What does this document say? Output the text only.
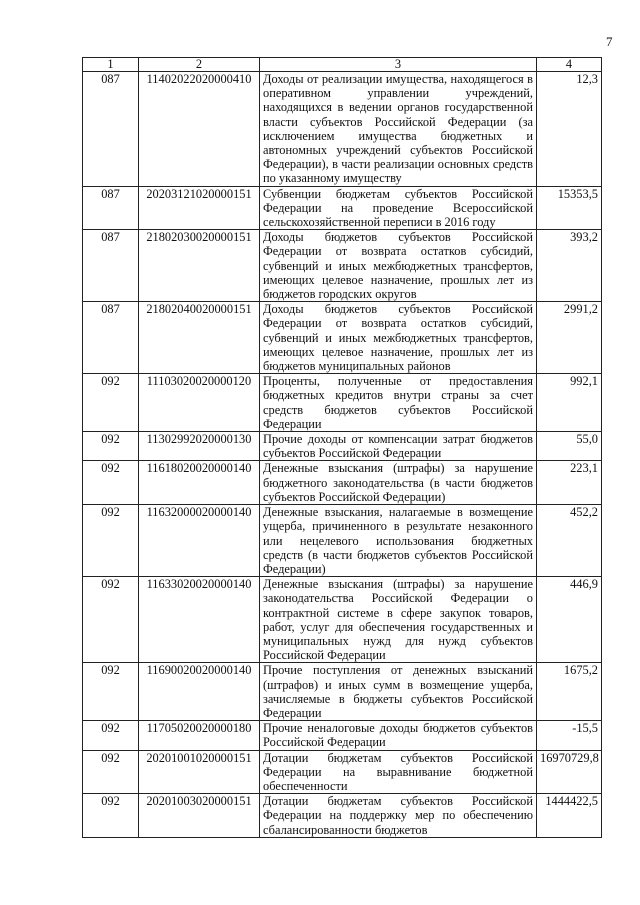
7
1	2	3	4
087	11402022020000410	Доходы от реализации имущества, находящегося в оперативном управлении учреждений, находящихся в ведении органов государственной власти субъектов Российской Федерации (за исключением имущества бюджетных и автономных учреждений субъектов Российской Федерации), в части реализации основных средств по указанному имуществу	12,3
087	20203121020000151	Субвенции бюджетам субъектов Российской Федерации на проведение Всероссийской сельскохозяйственной переписи в 2016 году	15353,5
087	21802030020000151	Доходы бюджетов субъектов Российской Федерации от возврата остатков субсидий, субвенций и иных межбюджетных трансфертов, имеющих целевое назначение, прошлых лет из бюджетов городских округов	393,2
087	21802040020000151	Доходы бюджетов субъектов Российской Федерации от возврата остатков субсидий, субвенций и иных межбюджетных трансфертов, имеющих целевое назначение, прошлых лет из бюджетов муниципальных районов	2991,2
092	11103020020000120	Проценты, полученные от предоставления бюджетных кредитов внутри страны за счет средств бюджетов субъектов Российской Федерации	992,1
092	11302992020000130	Прочие доходы от компенсации затрат бюджетов субъектов Российской Федерации	55,0
092	11618020020000140	Денежные взыскания (штрафы) за нарушение бюджетного законодательства (в части бюджетов субъектов Российской Федерации)	223,1
092	11632000020000140	Денежные взыскания, налагаемые в возмещение ущерба, причиненного в результате незаконного или нецелевого использования бюджетных средств (в части бюджетов субъектов Российской Федерации)	452,2
092	11633020020000140	Денежные взыскания (штрафы) за нарушение законодательства Российской Федерации о контрактной системе в сфере закупок товаров, работ, услуг для обеспечения государственных и муниципальных нужд для нужд субъектов Российской Федерации	446,9
092	11690020020000140	Прочие поступления от денежных взысканий (штрафов) и иных сумм в возмещение ущерба, зачисляемые в бюджеты субъектов Российской Федерации	1675,2
092	11705020020000180	Прочие неналоговые доходы бюджетов субъектов Российской Федерации	-15,5
092	20201001020000151	Дотации бюджетам субъектов Российской Федерации на выравнивание бюджетной обеспеченности	16970729,8
092	20201003020000151	Дотации бюджетам субъектов Российской Федерации на поддержку мер по обеспечению сбалансированности бюджетов	1444422,5
